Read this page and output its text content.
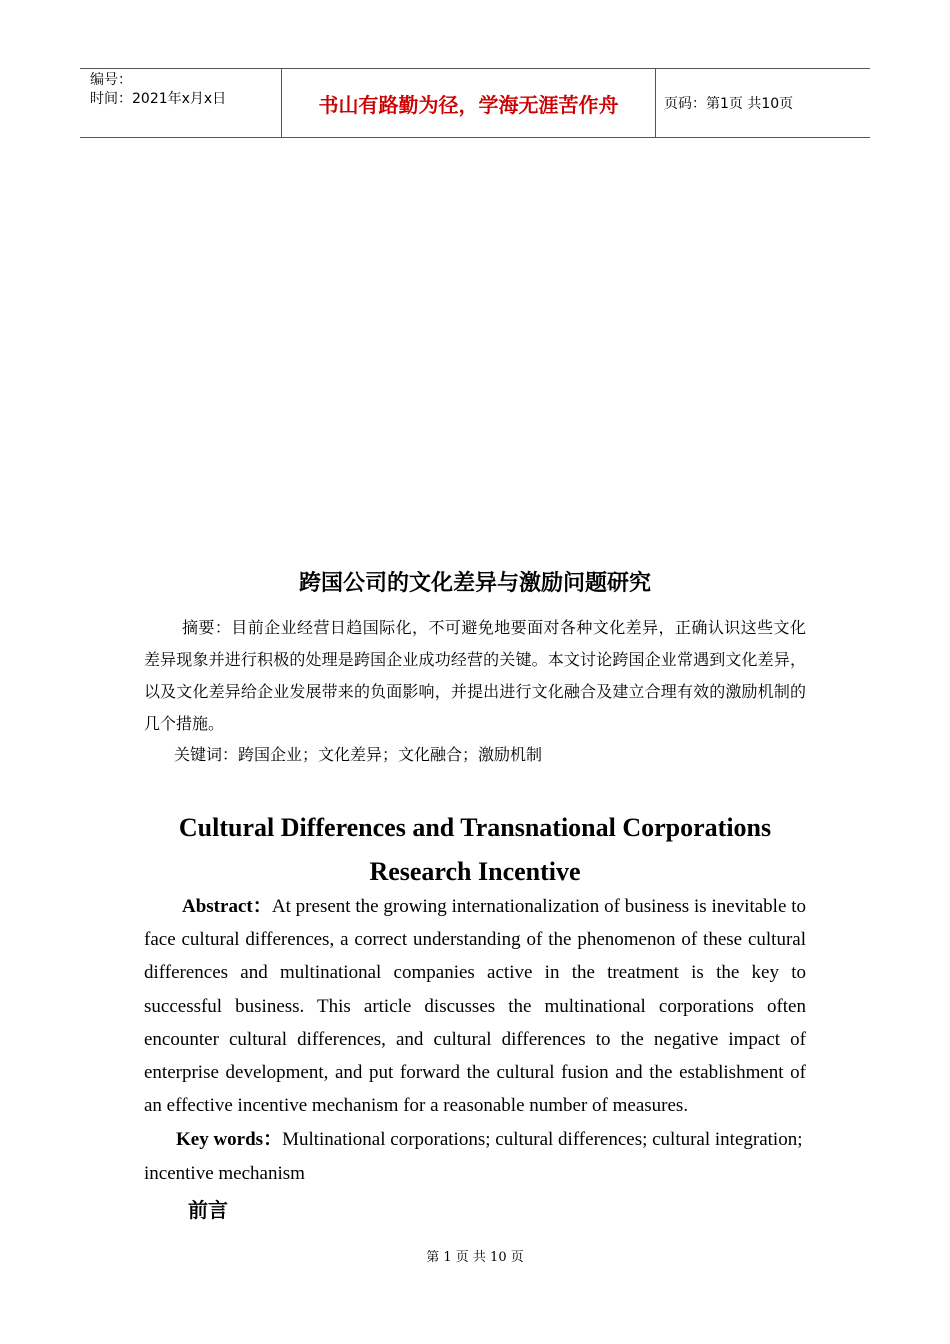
编号：
时间：2021年x月x日	书山有路勤为径，学海无涯苦作舟	页码：第1页 共10页
跨国公司的文化差异与激励问题研究
摘要：目前企业经营日趋国际化，不可避免地要面对各种文化差异，正确认识这些文化差异现象并进行积极的处理是跨国企业成功经营的关键。本文讨论跨国企业常遇到文化差异，以及文化差异给企业发展带来的负面影响，并提出进行文化融合及建立合理有效的激励机制的几个措施。
关键词：跨国企业；文化差异；文化融合；激励机制
Cultural Differences and Transnational Corporations
Research Incentive
Abstract：At present the growing internationalization of business is inevitable to face cultural differences, a correct understanding of the phenomenon of these cultural differences and multinational companies active in the treatment is the key to successful business. This article discusses the multinational corporations often encounter cultural differences, and cultural differences to the negative impact of enterprise development, and put forward the cultural fusion and the establishment of an effective incentive mechanism for a reasonable number of measures.
Key words：Multinational corporations; cultural differences; cultural integration; incentive mechanism
前言
第 1 页 共 10 页
